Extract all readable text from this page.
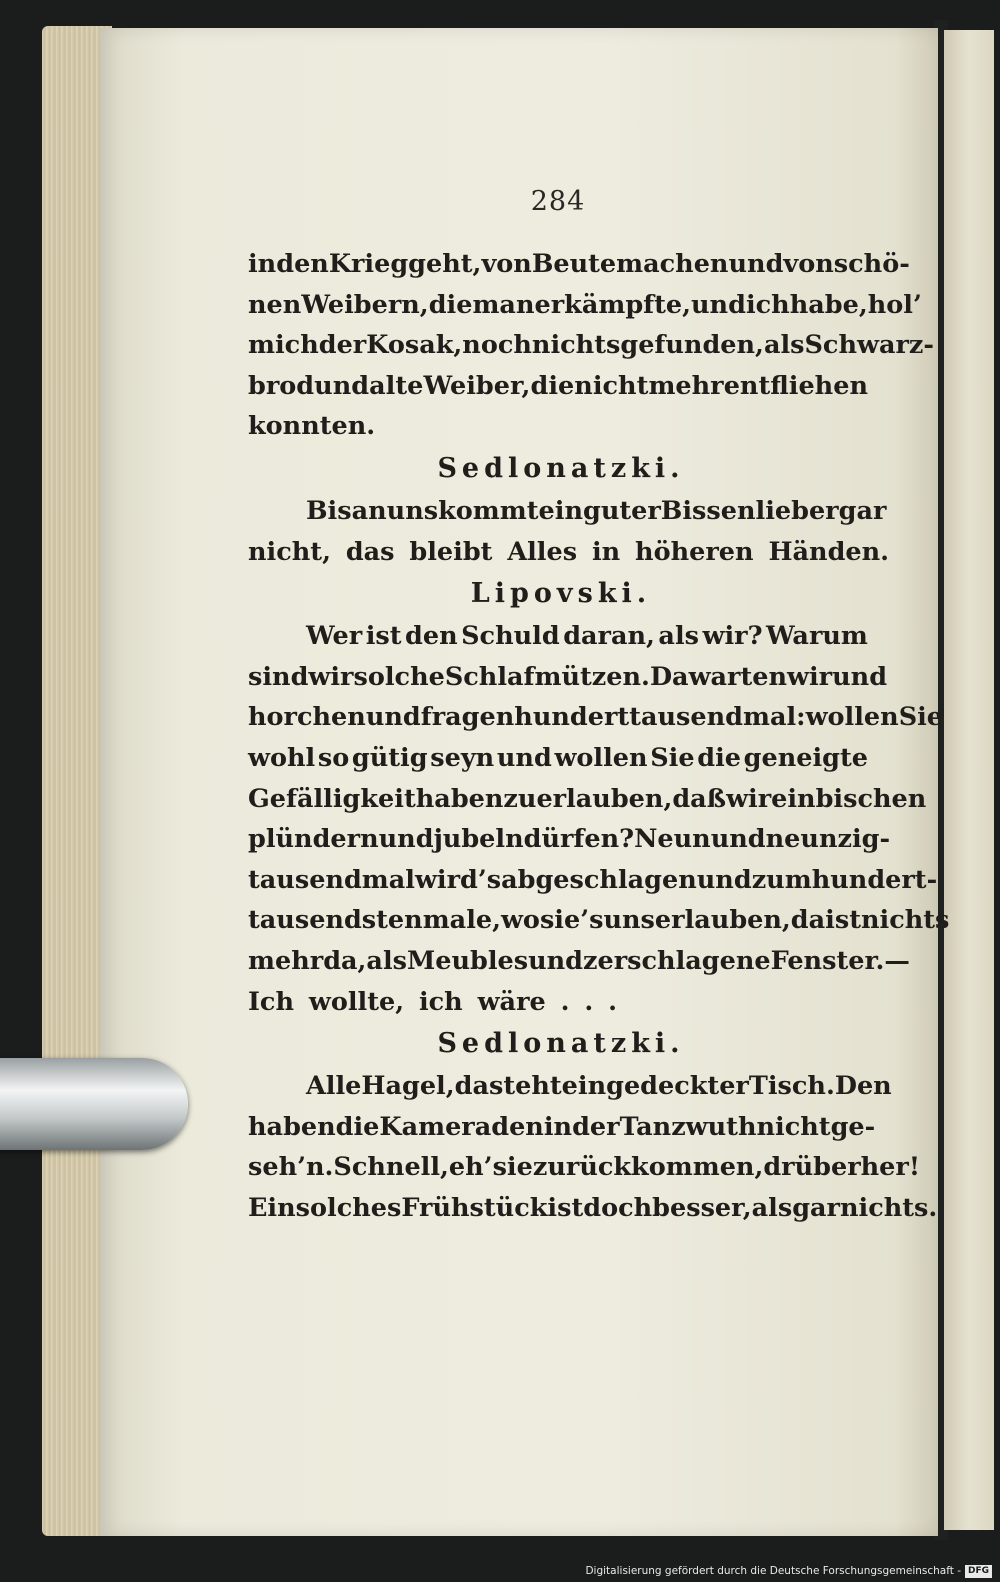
284
in den Krieg geht, von Beute machen und von schö-
nen Weibern, die man erkämpfte, und ich habe, hol’
mich der Kosak, noch nichts gefunden, als Schwarz-
brod und alte Weiber, die nicht mehr entfliehen
konnten.
Sedlonatzki.
Bis an uns kommt ein guter Bissen lieber gar
nicht, das bleibt Alles in höheren Händen.
Lipovski.
Wer ist den Schuld daran, als wir? Warum
sind wir solche Schlafmützen. Da warten wir und
horchen und fragen hunderttausendmal: wollen Sie
wohl so gütig seyn und wollen Sie die geneigte
Gefälligkeit haben zu erlauben, daß wir ein bischen
plündern und jubeln dürfen? Neun und neunzig-
tausendmal wird’s abgeschlagen und zum hundert-
tausendstenmale, wo sie ’s uns erlauben, da ist nichts
mehr da, als Meubles und zerschlagene Fenster. —
Ich wollte, ich wäre . . .
Sedlonatzki.
Alle Hagel, da steht ein gedeckter Tisch. Den
haben die Kameraden in der Tanzwuth nicht ge-
seh’n. Schnell, eh’ sie zurückkommen, drüber her!
Ein solches Frühstück ist doch besser, als gar nichts.
Digitalisierung gefördert durch die Deutsche Forschungsgemeinschaft - DFG
